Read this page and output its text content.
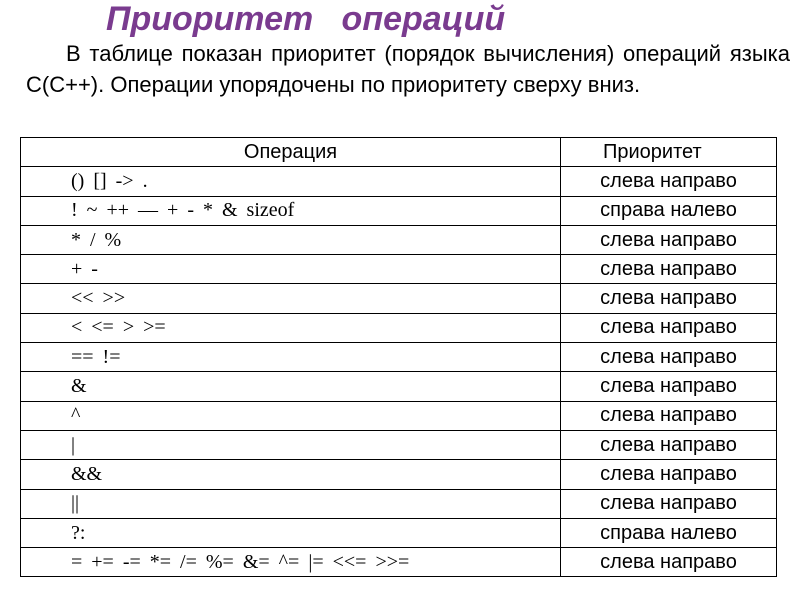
Приоритет   операций

В таблице показан приоритет (порядок вычисления) операций языка С(С++). Операции упорядочены по приоритету сверху вниз.

Операция	Приоритет
() [] -> .	слева направо
! ~ ++ — + - * & sizeof	справа налево
* / %	слева направо
+ -	слева направо
<< >>	слева направо
< <= > >=	слева направо
== !=	слева направо
&	слева направо
^	слева направо
|	слева направо
&&	слева направо
||	слева направо
?:	справа налево
= += -= *= /= %= &= ^= |= <<= >>=	слева направо
